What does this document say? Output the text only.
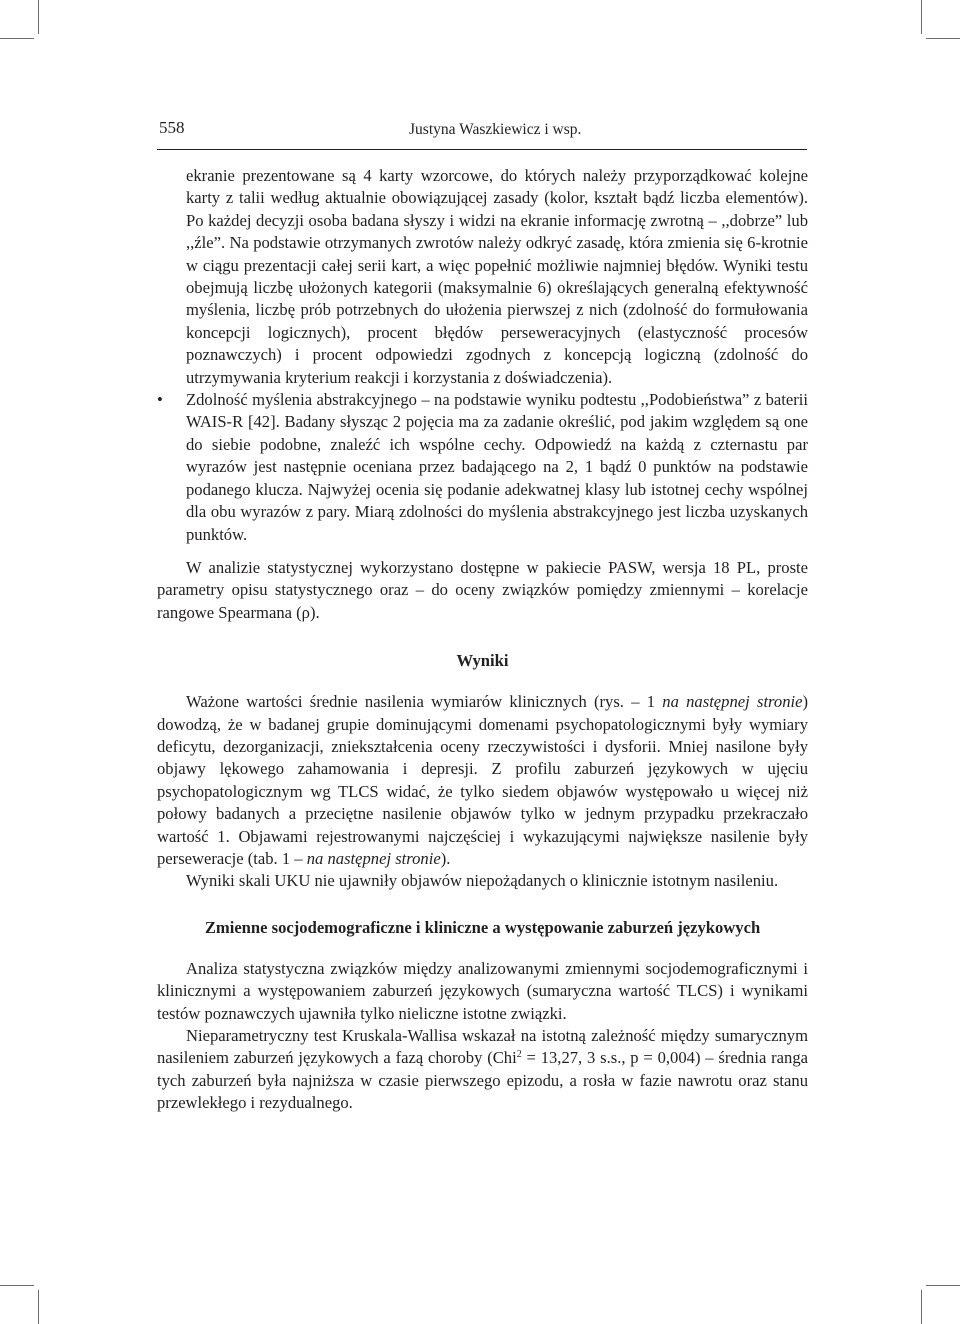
558	Justyna Waszkiewicz i wsp.

ekranie prezentowane są 4 karty wzorcowe, do których należy przyporządkować kolejne karty z talii według aktualnie obowiązującej zasady (kolor, kształt bądź liczba elementów). Po każdej decyzji osoba badana słyszy i widzi na ekranie informację zwrotną – ,,dobrze” lub ,,źle”. Na podstawie otrzymanych zwrotów należy odkryć zasadę, która zmienia się 6-krotnie w ciągu prezentacji całej serii kart, a więc popełnić możliwie najmniej błędów. Wyniki testu obejmują liczbę ułożonych kategorii (maksymalnie 6) określających generalną efektywność myślenia, liczbę prób potrzebnych do ułożenia pierwszej z nich (zdolność do formułowania koncepcji logicznych), procent błędów perseweracyjnych (elastyczność procesów poznawczych) i procent odpowiedzi zgodnych z koncepcją logiczną (zdolność do utrzymywania kryterium reakcji i korzystania z doświadczenia).

• Zdolność myślenia abstrakcyjnego – na podstawie wyniku podtestu ,,Podobieństwa” z baterii WAIS-R [42]. Badany słysząc 2 pojęcia ma za zadanie określić, pod jakim względem są one do siebie podobne, znaleźć ich wspólne cechy. Odpowiedź na każdą z czternastu par wyrazów jest następnie oceniana przez badającego na 2, 1 bądź 0 punktów na podstawie podanego klucza. Najwyżej ocenia się podanie adekwatnej klasy lub istotnej cechy wspólnej dla obu wyrazów z pary. Miarą zdolności do myślenia abstrakcyjnego jest liczba uzyskanych punktów.

W analizie statystycznej wykorzystano dostępne w pakiecie PASW, wersja 18 PL, proste parametry opisu statystycznego oraz – do oceny związków pomiędzy zmiennymi – korelacje rangowe Spearmana (ρ).

Wyniki

Ważone wartości średnie nasilenia wymiarów klinicznych (rys. – 1 na następnej stronie) dowodzą, że w badanej grupie dominującymi domenami psychopatologicznymi były wymiary deficytu, dezorganizacji, zniekształcenia oceny rzeczywistości i dysforii. Mniej nasilone były objawy lękowego zahamowania i depresji. Z profilu zaburzeń językowych w ujęciu psychopatologicznym wg TLCS widać, że tylko siedem objawów występowało u więcej niż połowy badanych a przeciętne nasilenie objawów tylko w jednym przypadku przekraczało wartość 1. Objawami rejestrowanymi najczęściej i wykazującymi największe nasilenie były perseweracje (tab. 1 – na następnej stronie).

Wyniki skali UKU nie ujawniły objawów niepożądanych o klinicznie istotnym nasileniu.

Zmienne socjodemograficzne i kliniczne a występowanie zaburzeń językowych

Analiza statystyczna związków między analizowanymi zmiennymi socjodemograficznymi i klinicznymi a występowaniem zaburzeń językowych (sumaryczna wartość TLCS) i wynikami testów poznawczych ujawniła tylko nieliczne istotne związki.

Nieparametryczny test Kruskala-Wallisa wskazał na istotną zależność między sumarycznym nasileniem zaburzeń językowych a fazą choroby (Chi$^2$ = 13,27, 3 s.s., p = 0,004) – średnia ranga tych zaburzeń była najniższa w czasie pierwszego epizodu, a rosła w fazie nawrotu oraz stanu przewlekłego i rezydualnego.
